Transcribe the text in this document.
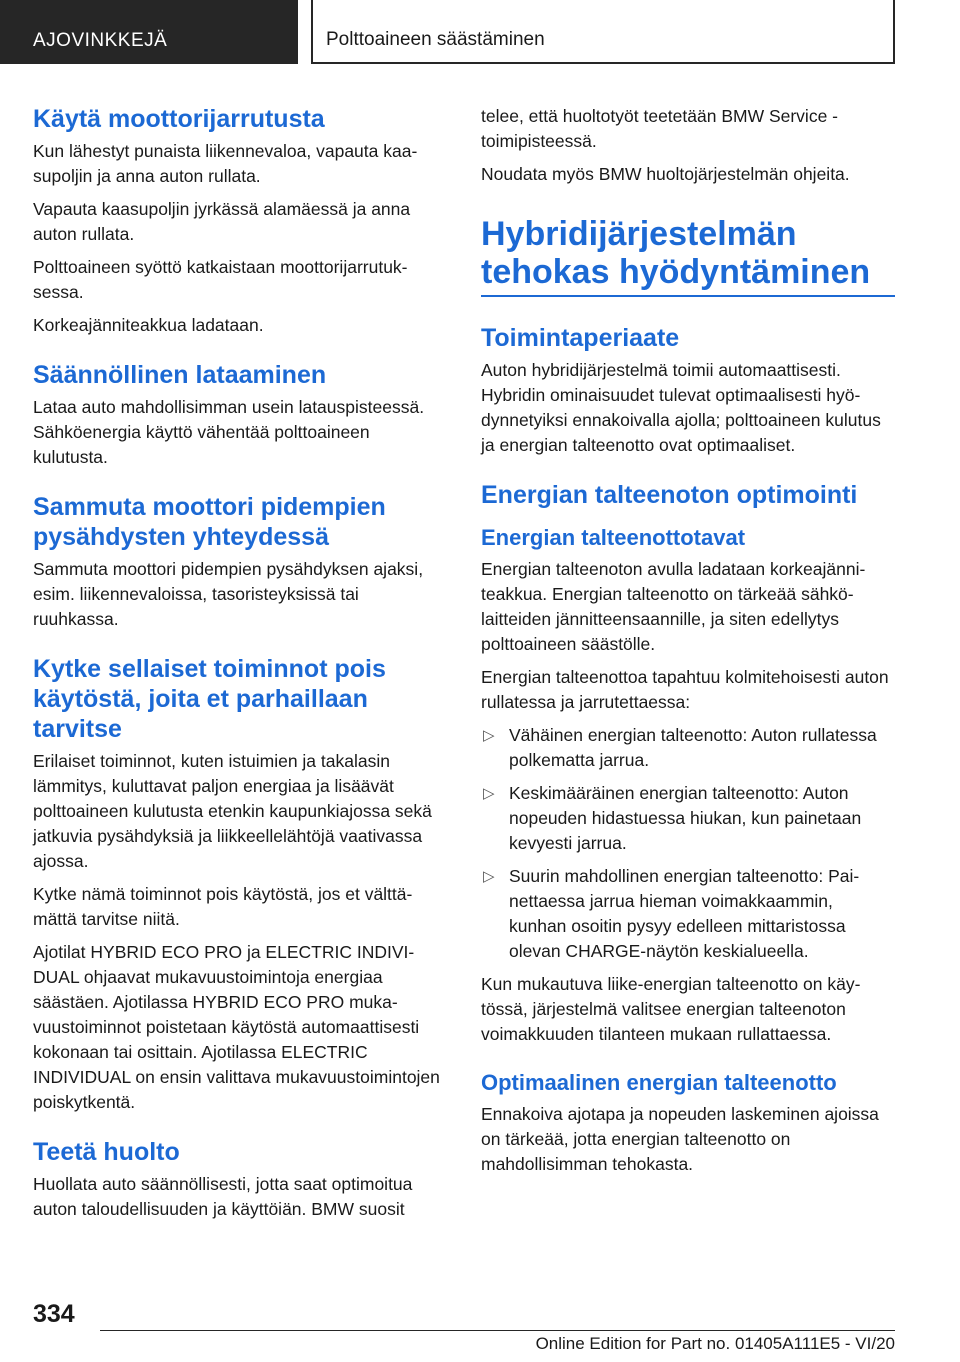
AJOVINKKEJÄ	Polttoaineen säästäminen
Käytä moottorijarrutusta

Kun lähestyt punaista liikennevaloa, vapauta kaasupoljin ja anna auton rullata.

Vapauta kaasupoljin jyrkässä alamäessä ja anna auton rullata.

Polttoaineen syöttö katkaistaan moottorijarrutuksessa.

Korkeajänniteakkua ladataan.

Säännöllinen lataaminen

Lataa auto mahdollisimman usein latauspisteessä. Sähköenergia käyttö vähentää polttoaineen kulutusta.

Sammuta moottori pidempien pysähdysten yhteydessä

Sammuta moottori pidempien pysähdyksen ajaksi, esim. liikennevaloissa, tasoristeyksissä tai ruuhkassa.

Kytke sellaiset toiminnot pois käytöstä, joita et parhaillaan tarvitse

Erilaiset toiminnot, kuten istuimien ja takalasin lämmitys, kuluttavat paljon energiaa ja lisäävät polttoaineen kulutusta etenkin kaupunkiajossa sekä jatkuvia pysähdyksiä ja liikkeellelähtöjä vaativassa ajossa.

Kytke nämä toiminnot pois käytöstä, jos et välttämättä tarvitse niitä.

Ajotilat HYBRID ECO PRO ja ELECTRIC INDIVIDUAL ohjaavat mukavuustoimintoja energiaa säästäen. Ajotilassa HYBRID ECO PRO mukavuustoiminnot poistetaan käytöstä automaattisesti kokonaan tai osittain. Ajotilassa ELECTRIC INDIVIDUAL on ensin valittava mukavuustoimintojen poiskytkentä.

Teetä huolto

Huollata auto säännöllisesti, jotta saat optimoitua auton taloudellisuuden ja käyttöiän. BMW suosit

telee, että huoltotyöt teetetään BMW Service -toimipisteessä.

Noudata myös BMW huoltojärjestelmän ohjeita.

Hybridijärjestelmän tehokas hyödyntäminen
Toimintaperiaate

Auton hybridijärjestelmä toimii automaattisesti. Hybridin ominaisuudet tulevat optimaalisesti hyödynnetyiksi ennakoivalla ajolla; polttoaineen kulutus ja energian talteenotto ovat optimaaliset.

Energian talteenoton optimointi
Energian talteenottotavat

Energian talteenoton avulla ladataan korkeajänniteakkua. Energian talteenotto on tärkeää sähkölaitteiden jännitteensaannille, ja siten edellytys polttoaineen säästölle.

Energian talteenottoa tapahtuu kolmitehoisesti auton rullatessa ja jarrutettaessa:

▷ Vähäinen energian talteenotto: Auton rullatessa polkematta jarrua.
▷ Keskimääräinen energian talteenotto: Auton nopeuden hidastuessa hiukan, kun painetaan kevyesti jarrua.
▷ Suurin mahdollinen energian talteenotto: Painettaessa jarrua hieman voimakkaammin, kunhan osoitin pysyy edelleen mittaristossa olevan CHARGE-näytön keskialueella.

Kun mukautuva liike-energian talteenotto on käytössä, järjestelmä valitsee energian talteenoton voimakkuuden tilanteen mukaan rullattaessa.

Optimaalinen energian talteenotto

Ennakoiva ajotapa ja nopeuden laskeminen ajoissa on tärkeää, jotta energian talteenotto on mahdollisimman tehokasta.

334
Online Edition for Part no. 01405A111E5 - VI/20
